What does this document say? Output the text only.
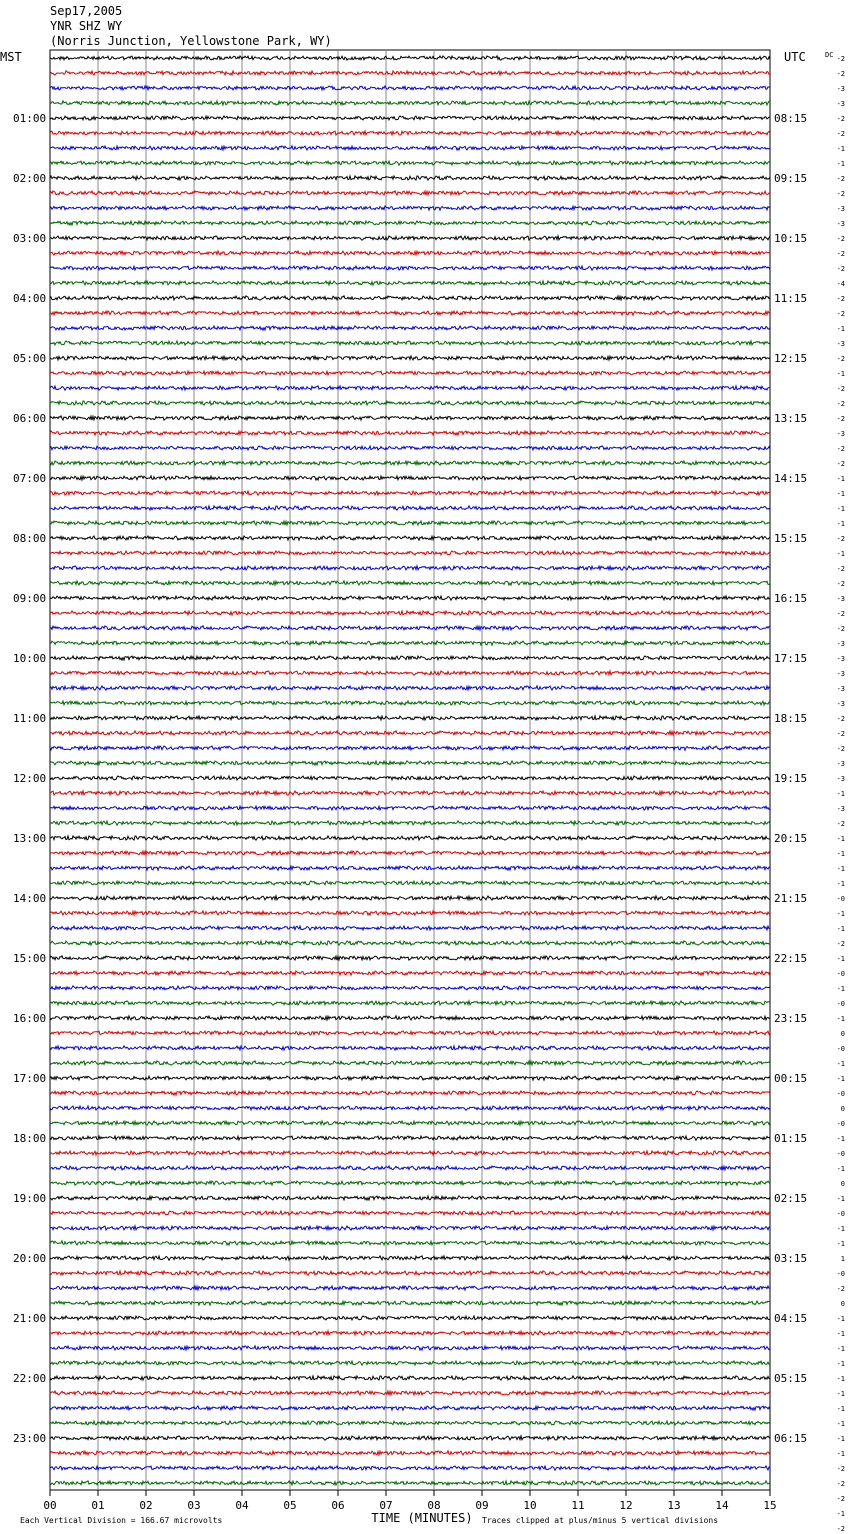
Sep17,2005
YNR SHZ WY
(Norris Junction, Yellowstone Park, WY)
01:00
02:00
03:00
04:00
05:00
06:00
07:00
08:00
09:00
10:00
11:00
12:00
13:00
14:00
15:00
16:00
17:00
18:00
19:00
20:00
21:00
22:00
23:00
08:15
09:15
10:15
11:15
12:15
13:15
14:15
15:15
16:15
17:15
18:15
19:15
20:15
21:15
22:15
23:15
00:15
01:15
02:15
03:15
04:15
05:15
06:15
-2
-2
-3
-3
-2
-2
-1
-1
-2
-2
-3
-3
-2
-2
-2
-4
-2
-2
-1
-3
-2
-1
-2
-2
-2
-3
-2
-2
-1
-1
-1
-1
-2
-1
-2
-2
-3
-2
-2
-3
-3
-3
-3
-3
-2
-2
-2
-3
-3
-1
-3
-2
-1
-1
-1
-1
-0
-1
-1
-2
-1
-0
-1
-0
-1
0
-0
-1
-1
-0
0
-0
-1
-0
-1
0
-1
-0
-1
-1
1
-0
-2
0
-1
-1
-1
-1
-1
-1
-1
-1
-1
-1
-2
-2
-2
-1
-2
00	01	02	03	04	05	06	07	08	09	10	11	12	13	14	15
MST	UTC	DC
TIME (MINUTES)
Each Vertical Division = 166.67 microvolts	Traces clipped at plus/minus 5 vertical divisions
